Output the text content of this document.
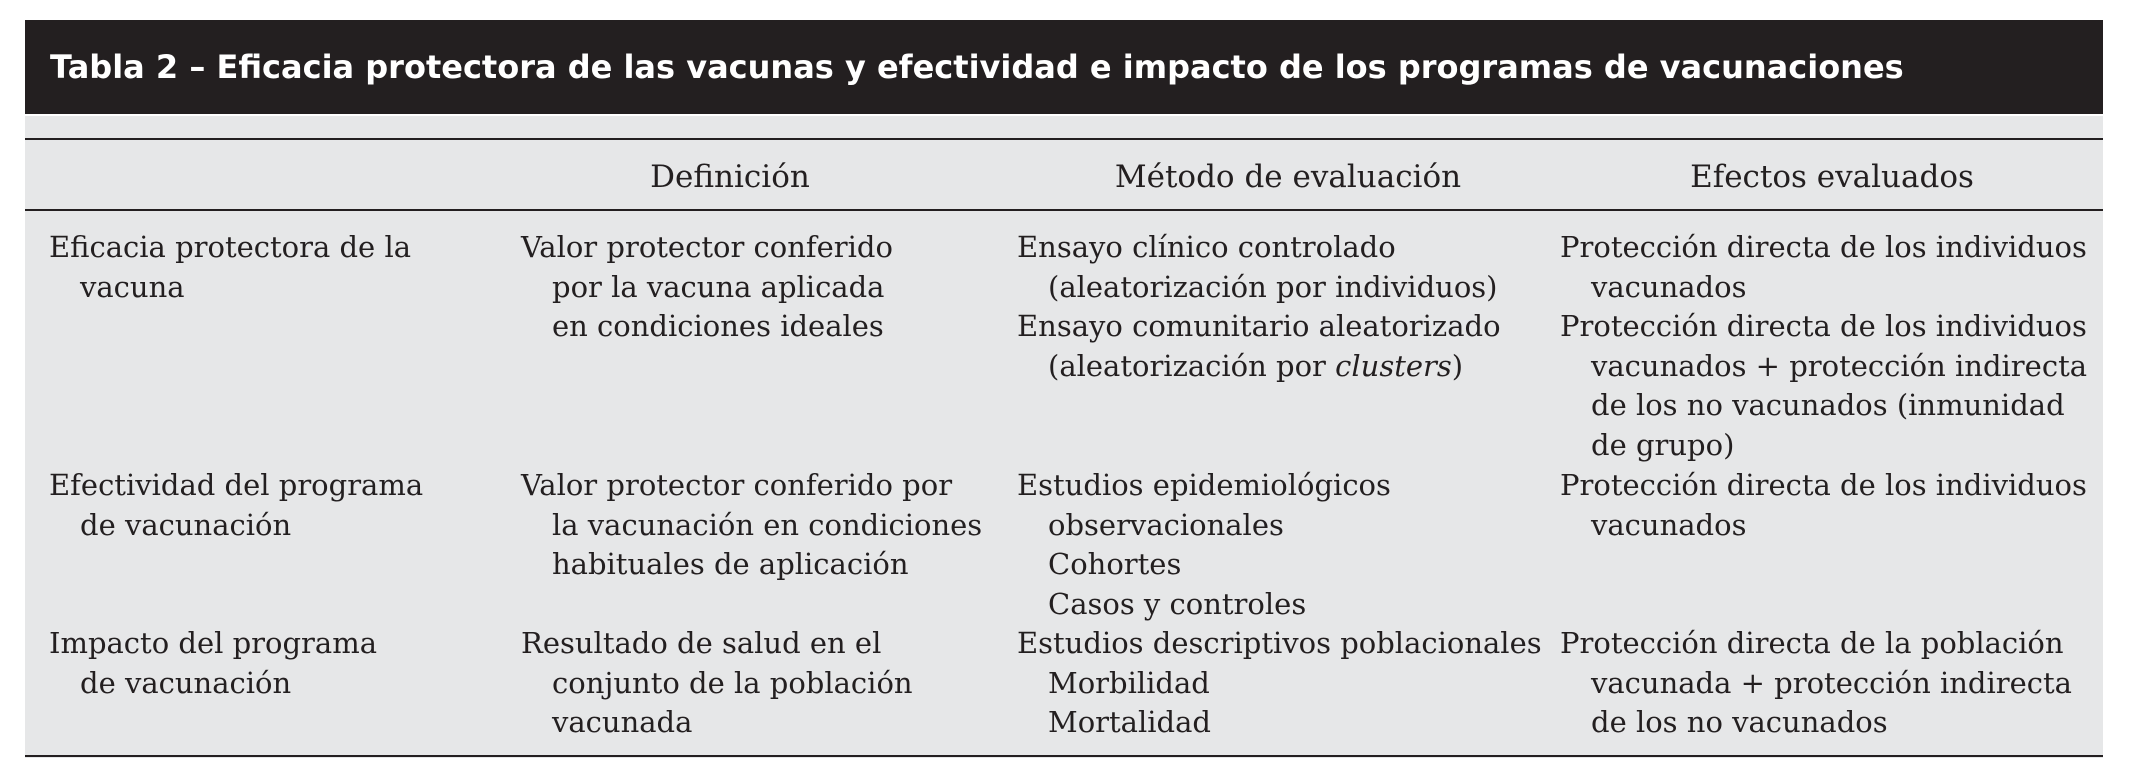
Tabla 2 – Eficacia protectora de las vacunas y efectividad e impacto de los programas de vacunaciones
Definición	Método de evaluación	Efectos evaluados
Eficacia protectora de la
vacuna
Valor protector conferido
por la vacuna aplicada
en condiciones ideales
Ensayo clínico controlado
(aleatorización por individuos)
Ensayo comunitario aleatorizado
(aleatorización por clusters)
Protección directa de los individuos
vacunados
Protección directa de los individuos
vacunados + protección indirecta
de los no vacunados (inmunidad
de grupo)
Efectividad del programa
de vacunación
Valor protector conferido por
la vacunación en condiciones
habituales de aplicación
Estudios epidemiológicos
observacionales
Cohortes
Casos y controles
Protección directa de los individuos
vacunados
Impacto del programa
de vacunación
Resultado de salud en el
conjunto de la población
vacunada
Estudios descriptivos poblacionales
Morbilidad
Mortalidad
Protección directa de la población
vacunada + protección indirecta
de los no vacunados
